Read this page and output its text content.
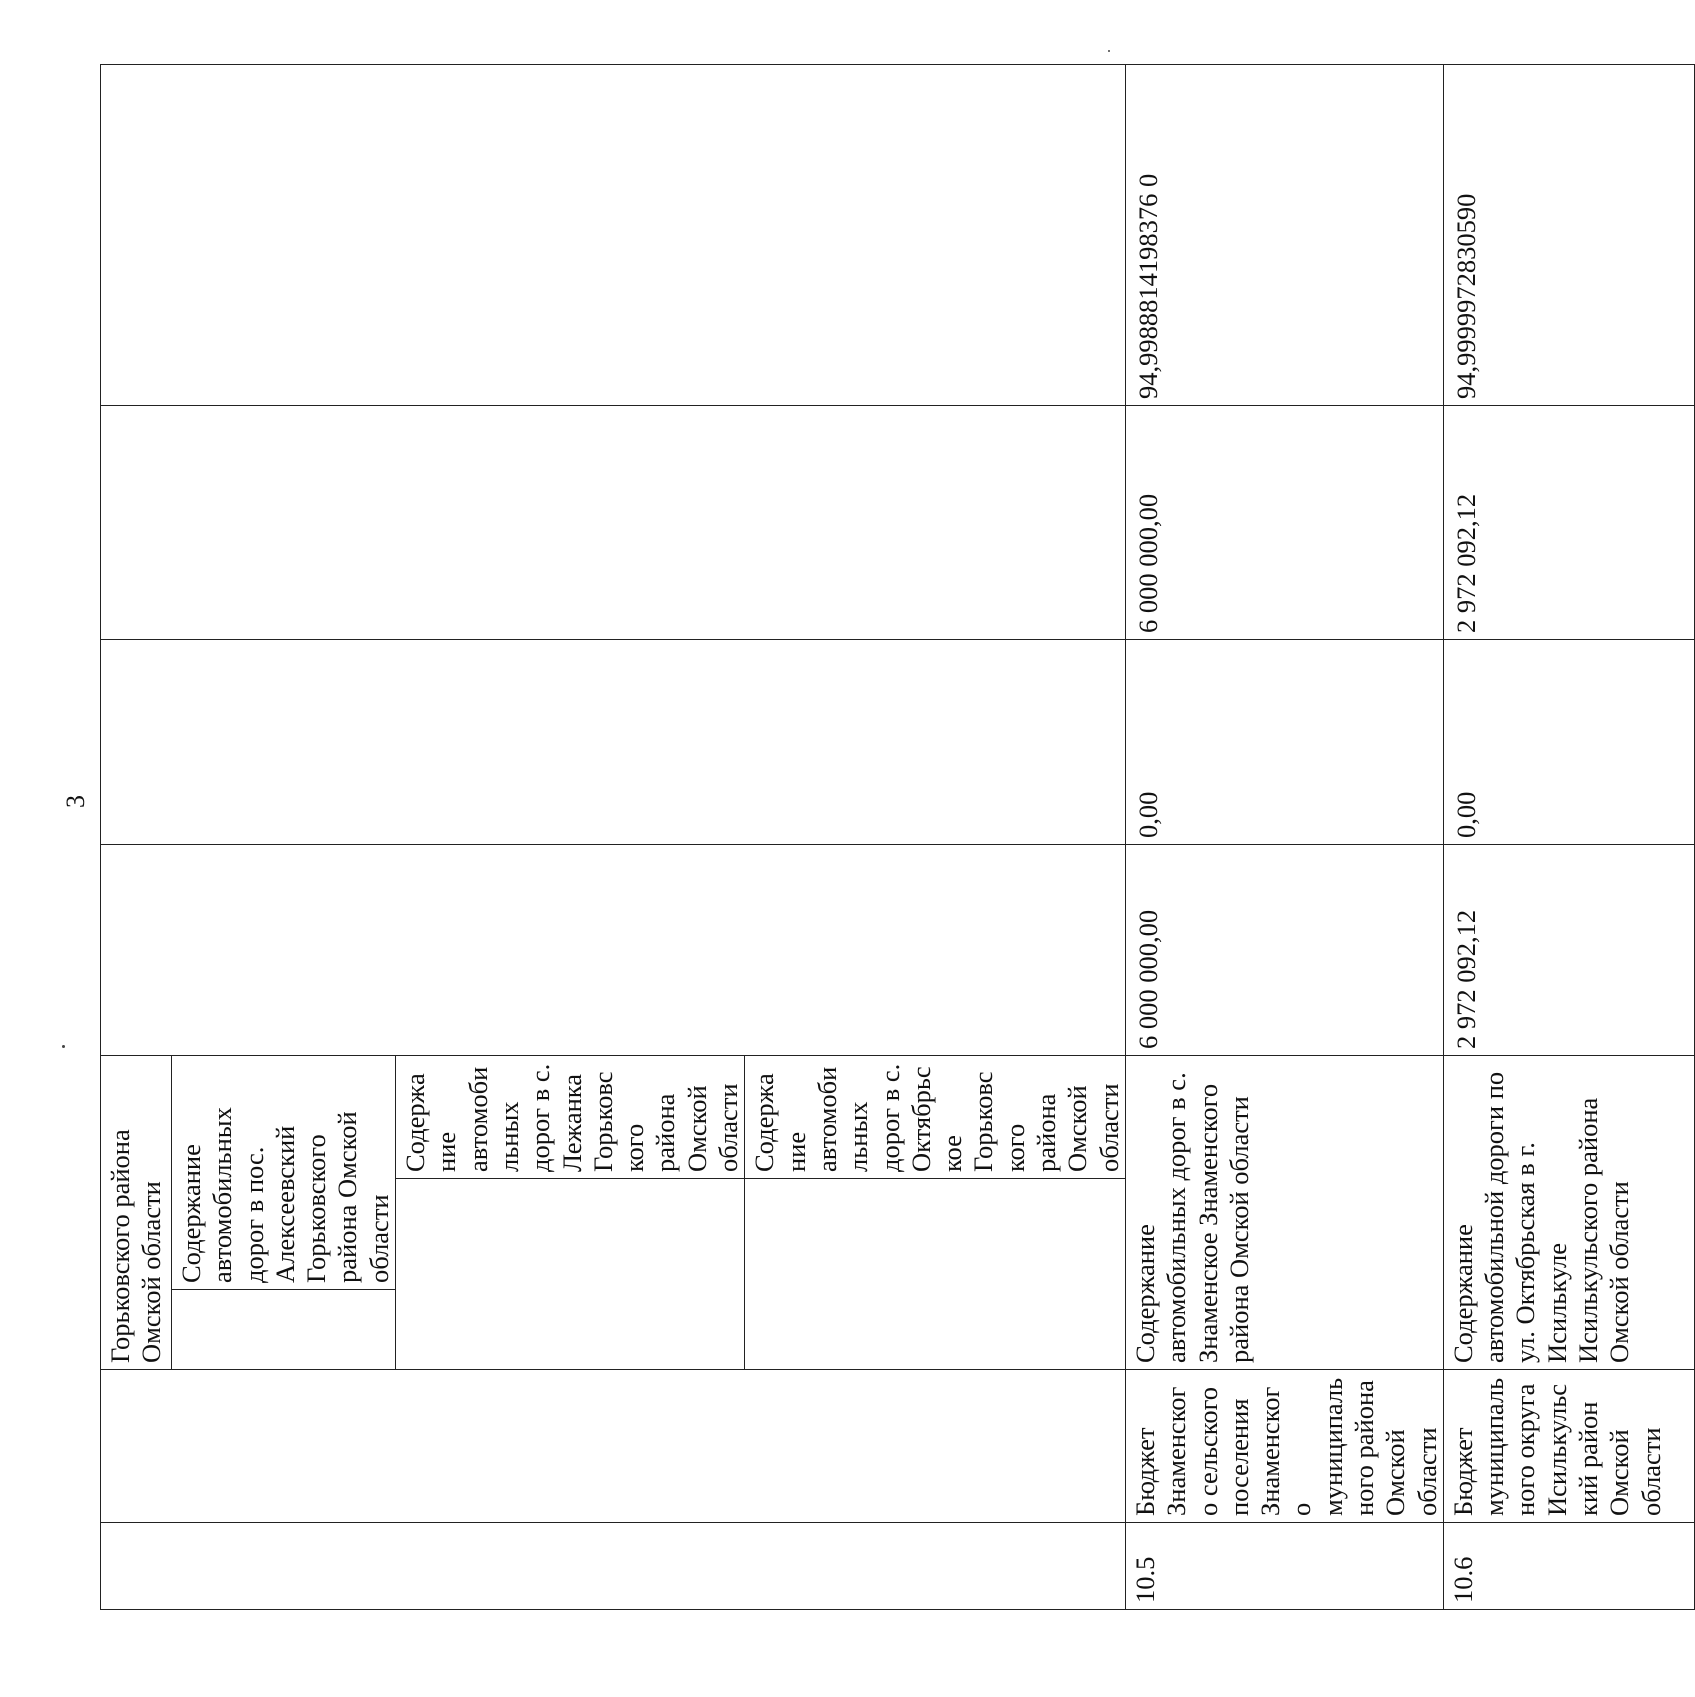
3
		Горьковского района Омской области						
			Содержание автомобильных дорог в пос. Алексеевский Горьковского района Омской области					
				Содержание автомобильных дорог в с. Лежанка Горьковского района Омской области				
				Содержание автомобильных дорог в с. Октябрьское Горьковского района Омской области				
10.5	Бюджет Знаменского сельского поселения Знаменского муниципального района Омской области	Содержание автомобильных дорог в с. Знаменское Знаменского района Омской области			6 000 000,00	0,00	6 000 000,00	94,9988814198376 0
10.6	Бюджет муниципального округа Исилькульский район Омской области	Содержание автомобильной дороги по ул. Октябрьская в г. Исилькуле Исилькульского района Омской области			2 972 092,12	0,00	2 972 092,12	94,9999972830590
